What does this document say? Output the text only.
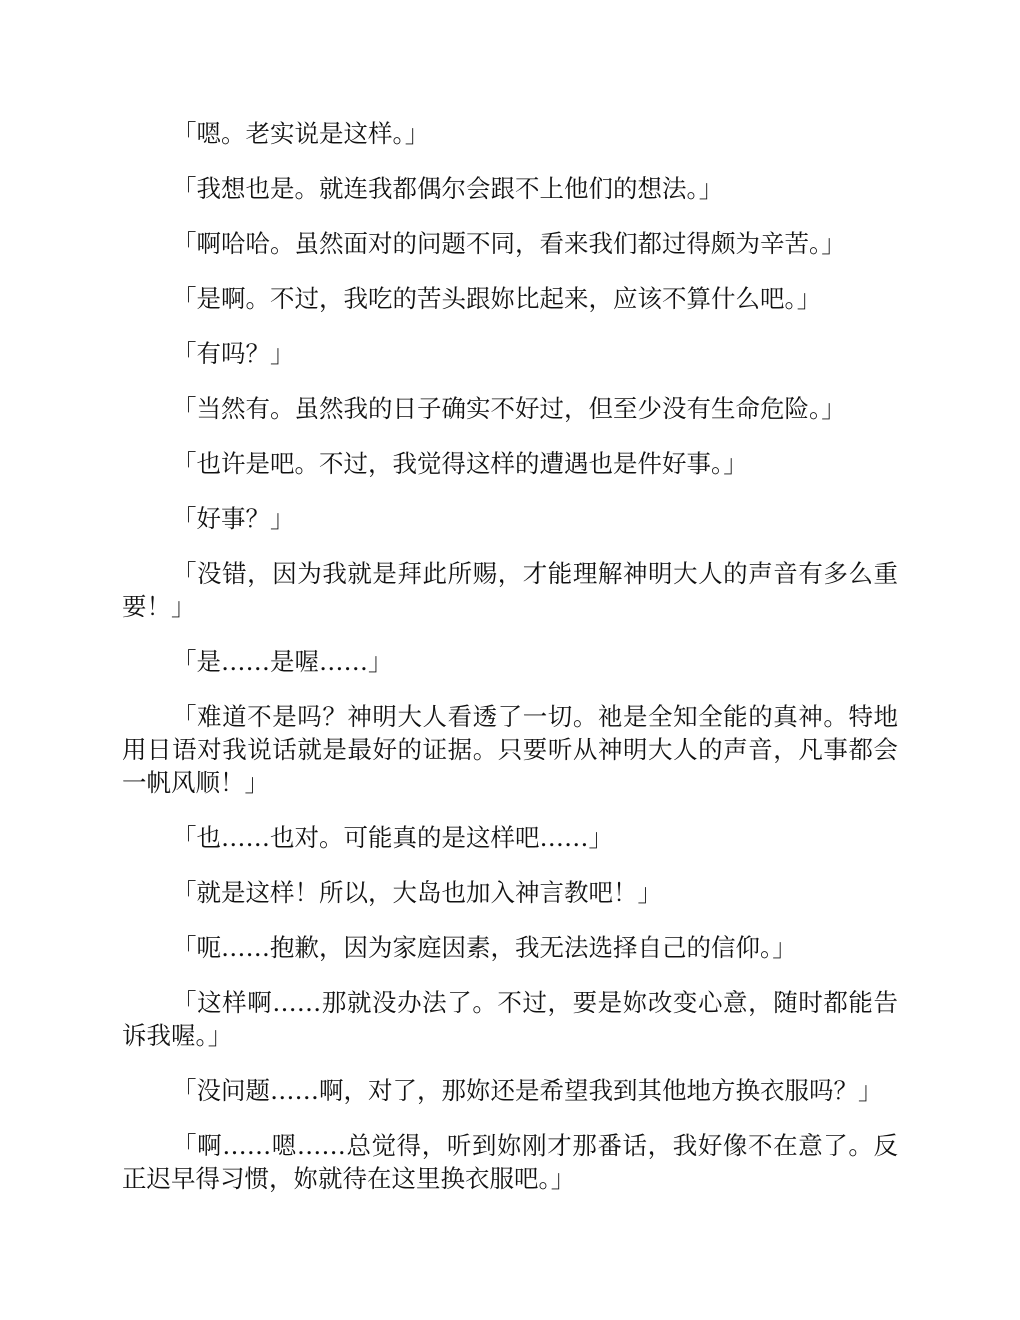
「嗯。老实说是这样。」

「我想也是。就连我都偶尔会跟不上他们的想法。」

「啊哈哈。虽然面对的问题不同，看来我们都过得颇为辛苦。」

「是啊。不过，我吃的苦头跟妳比起来，应该不算什么吧。」

「有吗？」

「当然有。虽然我的日子确实不好过，但至少没有生命危险。」

「也许是吧。不过，我觉得这样的遭遇也是件好事。」

「好事？」

「没错，因为我就是拜此所赐，才能理解神明大人的声音有多么重要！」

「是……是喔……」

「难道不是吗？神明大人看透了一切。祂是全知全能的真神。特地用日语对我说话就是最好的证据。只要听从神明大人的声音，凡事都会一帆风顺！」

「也……也对。可能真的是这样吧……」

「就是这样！所以，大岛也加入神言教吧！」

「呃……抱歉，因为家庭因素，我无法选择自己的信仰。」

「这样啊……那就没办法了。不过，要是妳改变心意，随时都能告诉我喔。」

「没问题……啊，对了，那妳还是希望我到其他地方换衣服吗？」

「啊……嗯……总觉得，听到妳刚才那番话，我好像不在意了。反正迟早得习惯，妳就待在这里换衣服吧。」
